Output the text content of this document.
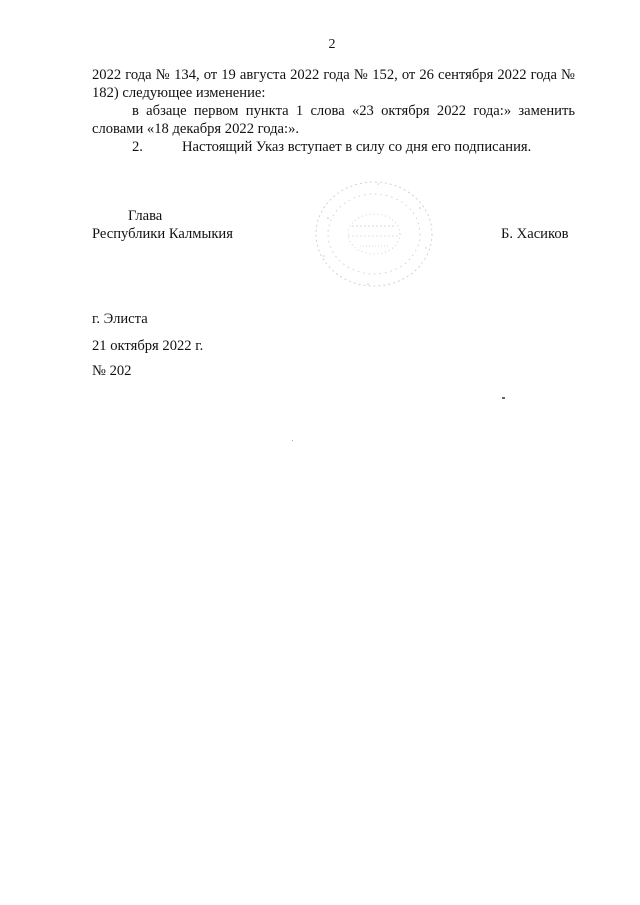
2

2022 года № 134, от 19 августа 2022 года № 152, от 26 сентября 2022 года № 182) следующее изменение:

в абзаце первом пункта 1 слова «23 октября 2022 года:» заменить словами «18 декабря 2022 года:».

2.	Настоящий Указ вступает в силу со дня его подписания.

Глава
Республики Калмыкия	Б. Хасиков
г. Элиста
21 октября 2022 г.
№ 202
